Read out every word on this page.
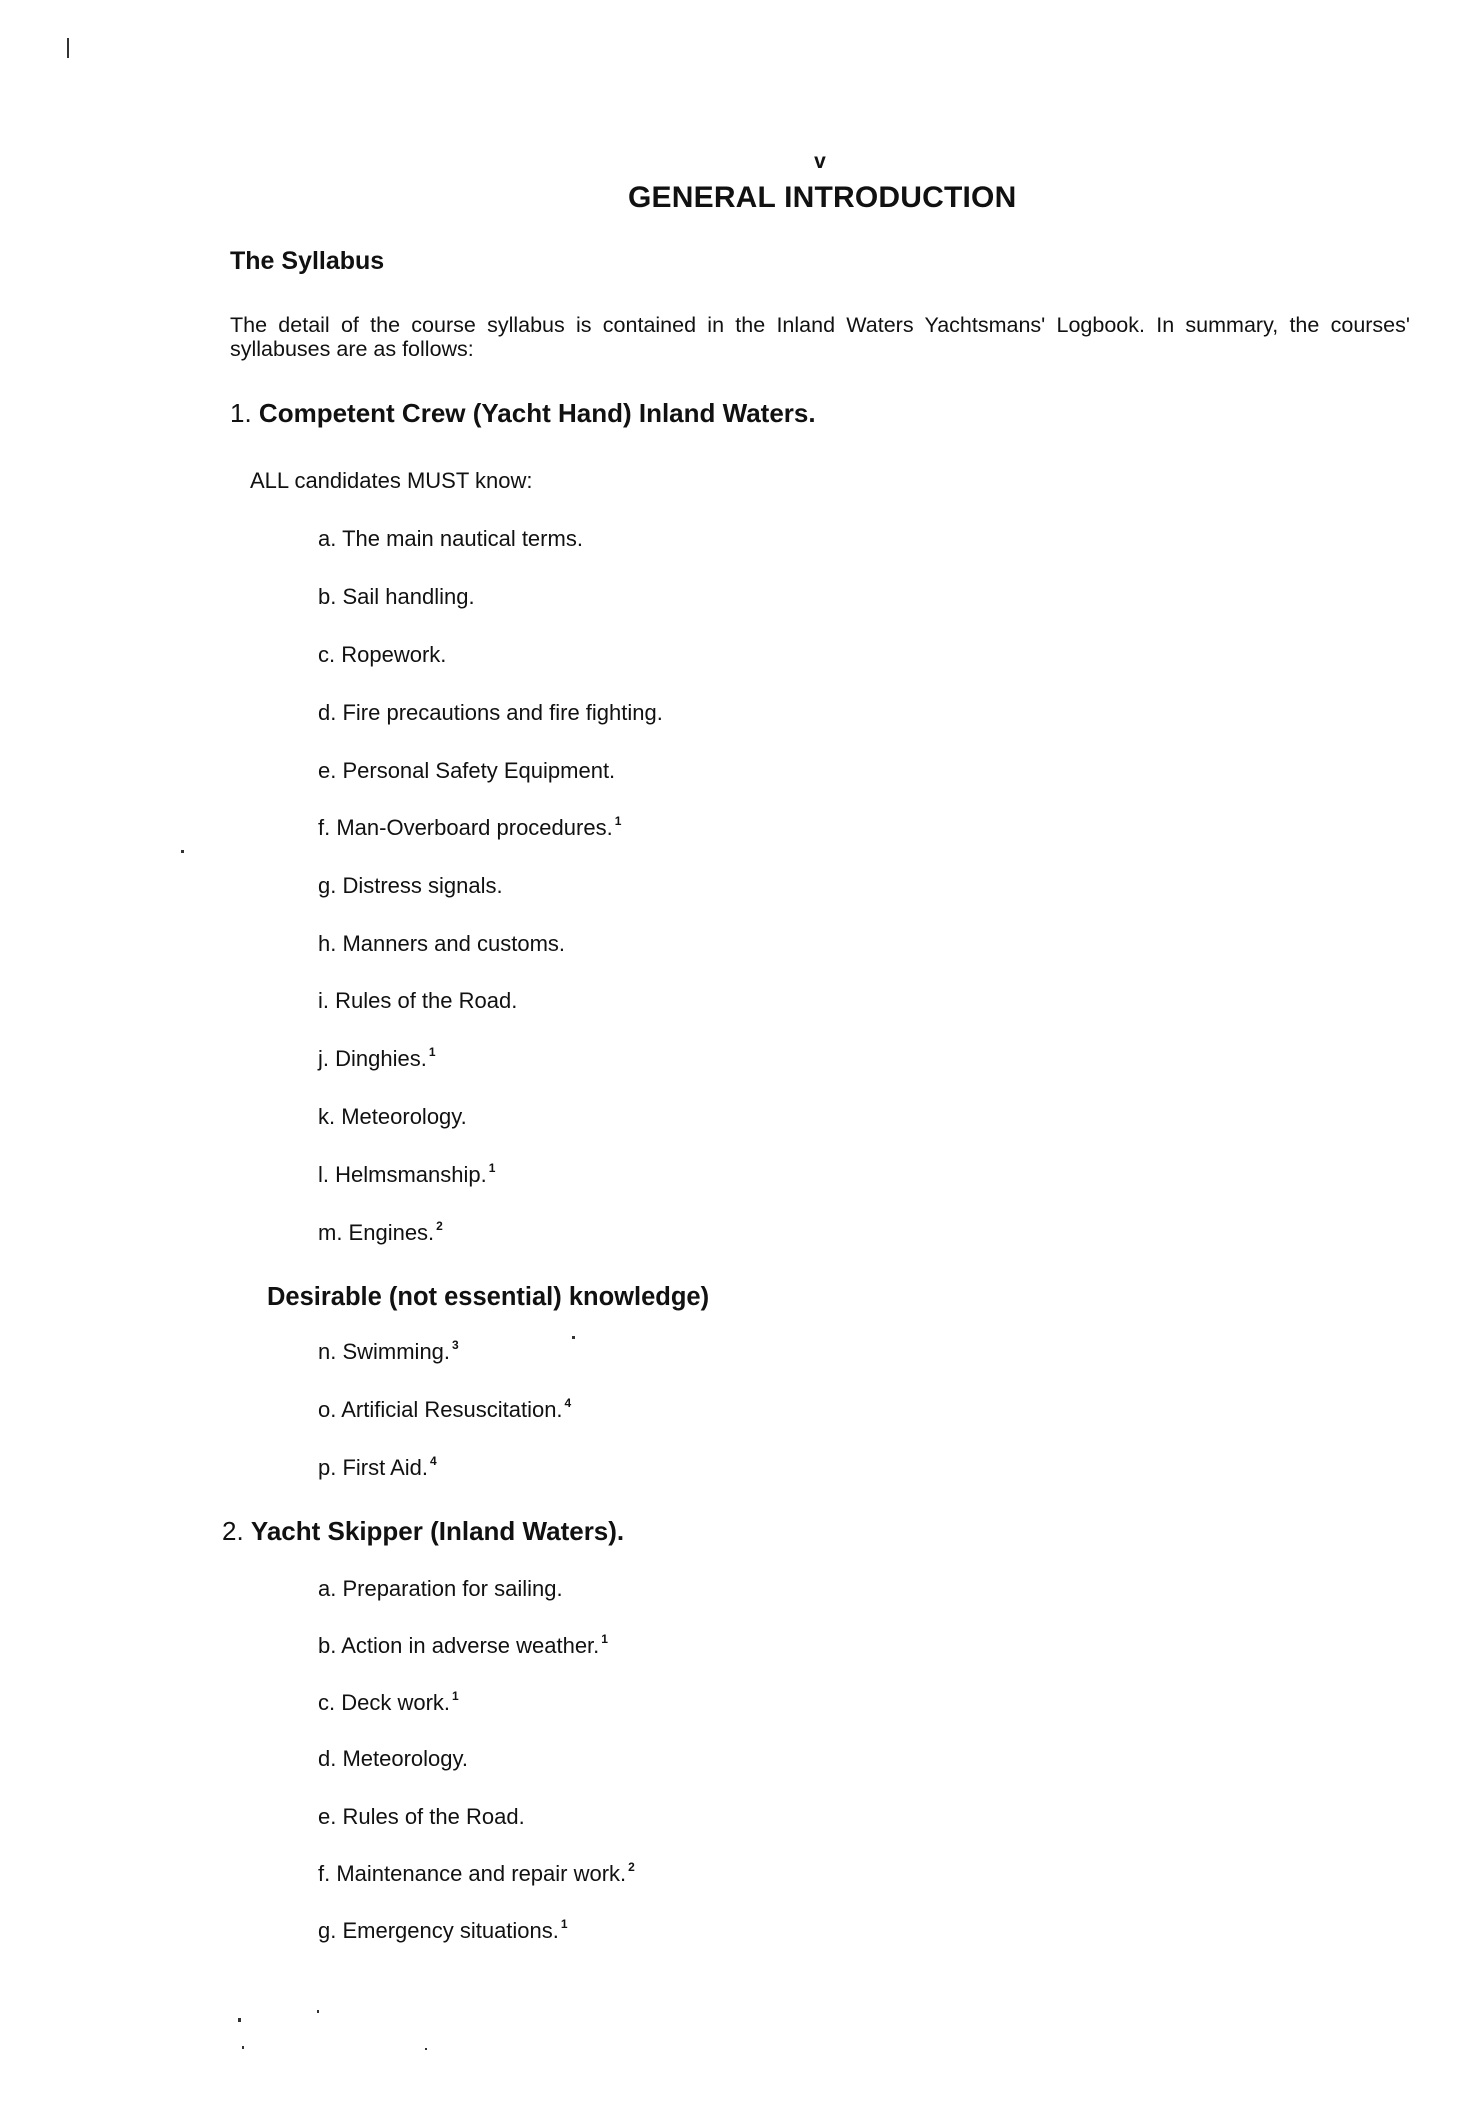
v
GENERAL INTRODUCTION
The Syllabus
The detail of the course syllabus is contained in the Inland Waters Yachtsmans' Logbook. In summary, the courses' syllabuses are as follows:
1. Competent Crew (Yacht Hand) Inland Waters.
ALL candidates MUST know:
a. The main nautical terms.
b. Sail handling.
c. Ropework.
d. Fire precautions and fire fighting.
e. Personal Safety Equipment.
f. Man-Overboard procedures. $^1$
g. Distress signals.
h. Manners and customs.
i. Rules of the Road.
j. Dinghies. $^1$
k. Meteorology.
l. Helmsmanship. $^1$
m. Engines. $^2$
Desirable (not essential) knowledge)
n. Swimming. $^3$
o. Artificial Resuscitation. $^4$
p. First Aid. $^4$
2. Yacht Skipper (Inland Waters).
a. Preparation for sailing.
b. Action in adverse weather. $^1$
c. Deck work. $^1$
d. Meteorology.
e. Rules of the Road.
f. Maintenance and repair work. $^2$
g. Emergency situations. $^1$
